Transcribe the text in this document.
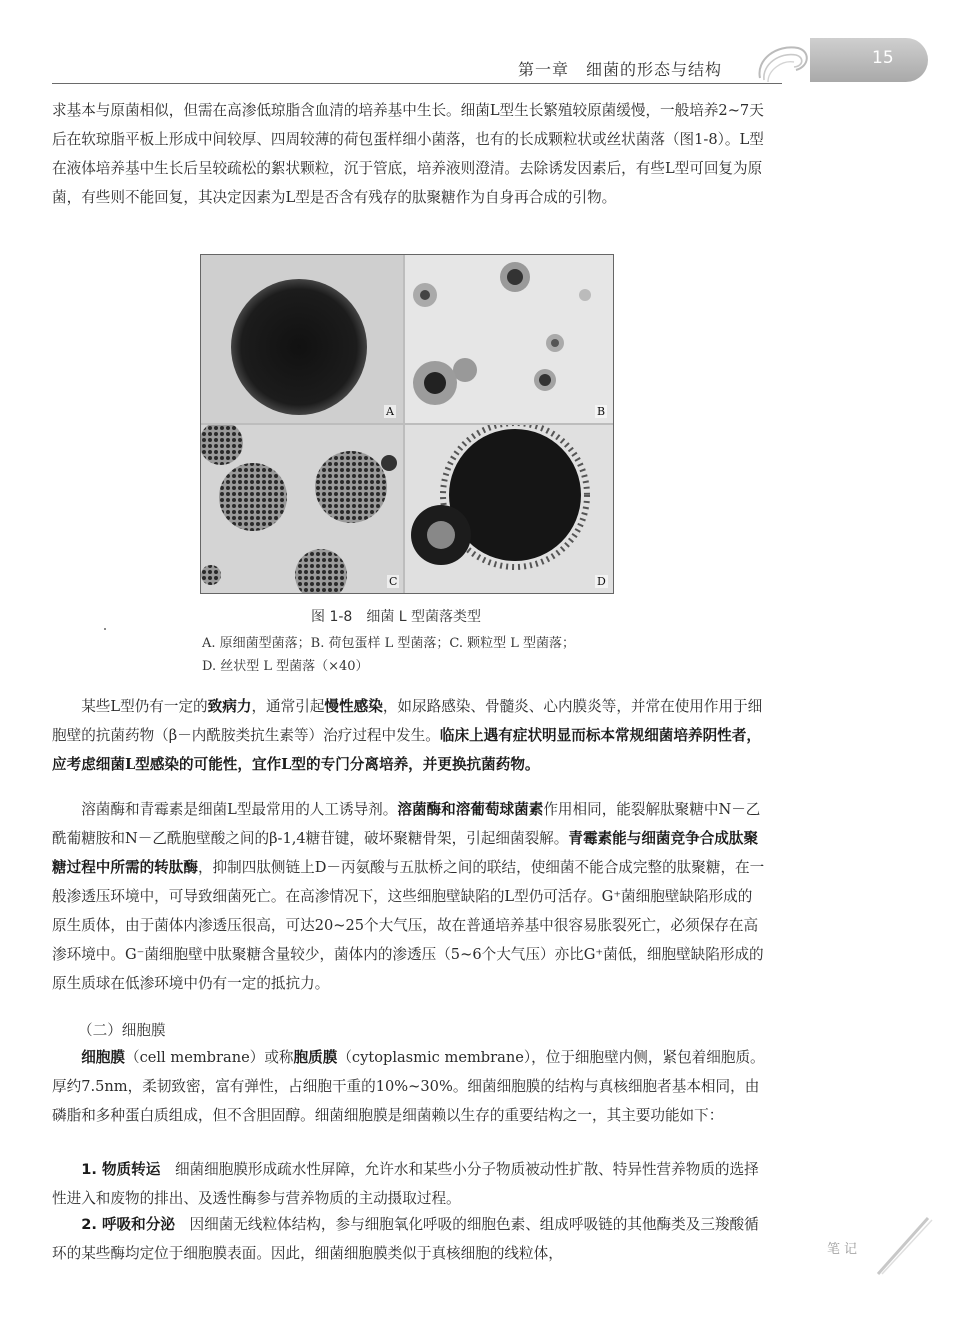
第一章　细菌的形态与结构
15

求基本与原菌相似，但需在高渗低琼脂含血清的培养基中生长。细菌L型生长繁殖较原菌缓慢，一般培养2~7天后在软琼脂平板上形成中间较厚、四周较薄的荷包蛋样细小菌落，也有的长成颗粒状或丝状菌落（图1-8）。L型在液体培养基中生长后呈较疏松的絮状颗粒，沉于管底，培养液则澄清。去除诱发因素后，有些L型可回复为原菌，有些则不能回复，其决定因素为L型是否含有残存的肽聚糖作为自身再合成的引物。

A	B
C	D
图 1-8　细菌 L 型菌落类型
A. 原细菌型菌落；B. 荷包蛋样 L 型菌落；C. 颗粒型 L 型菌落；
D. 丝状型 L 型菌落（×40）

某些L型仍有一定的致病力，通常引起慢性感染，如尿路感染、骨髓炎、心内膜炎等，并常在使用作用于细胞壁的抗菌药物（β－内酰胺类抗生素等）治疗过程中发生。临床上遇有症状明显而标本常规细菌培养阴性者，应考虑细菌L型感染的可能性，宜作L型的专门分离培养，并更换抗菌药物。

溶菌酶和青霉素是细菌L型最常用的人工诱导剂。溶菌酶和溶葡萄球菌素作用相同，能裂解肽聚糖中N－乙酰葡糖胺和N－乙酰胞壁酸之间的β-1,4糖苷键，破坏聚糖骨架，引起细菌裂解。青霉素能与细菌竞争合成肽聚糖过程中所需的转肽酶，抑制四肽侧链上D－丙氨酸与五肽桥之间的联结，使细菌不能合成完整的肽聚糖，在一般渗透压环境中，可导致细菌死亡。在高渗情况下，这些细胞壁缺陷的L型仍可活存。G⁺菌细胞壁缺陷形成的原生质体，由于菌体内渗透压很高，可达20~25个大气压，故在普通培养基中很容易胀裂死亡，必须保存在高渗环境中。G⁻菌细胞壁中肽聚糖含量较少，菌体内的渗透压（5~6个大气压）亦比G⁺菌低，细胞壁缺陷形成的原生质球在低渗环境中仍有一定的抵抗力。

（二）细胞膜

细胞膜（cell membrane）或称胞质膜（cytoplasmic membrane），位于细胞壁内侧，紧包着细胞质。厚约7.5nm，柔韧致密，富有弹性，占细胞干重的10%~30%。细菌细胞膜的结构与真核细胞者基本相同，由磷脂和多种蛋白质组成，但不含胆固醇。细菌细胞膜是细菌赖以生存的重要结构之一，其主要功能如下：

1. 物质转运　细菌细胞膜形成疏水性屏障，允许水和某些小分子物质被动性扩散、特异性营养物质的选择性进入和废物的排出、及透性酶参与营养物质的主动摄取过程。

2. 呼吸和分泌　因细菌无线粒体结构，参与细胞氧化呼吸的细胞色素、组成呼吸链的其他酶类及三羧酸循环的某些酶均定位于细胞膜表面。因此，细菌细胞膜类似于真核细胞的线粒体，	笔记
